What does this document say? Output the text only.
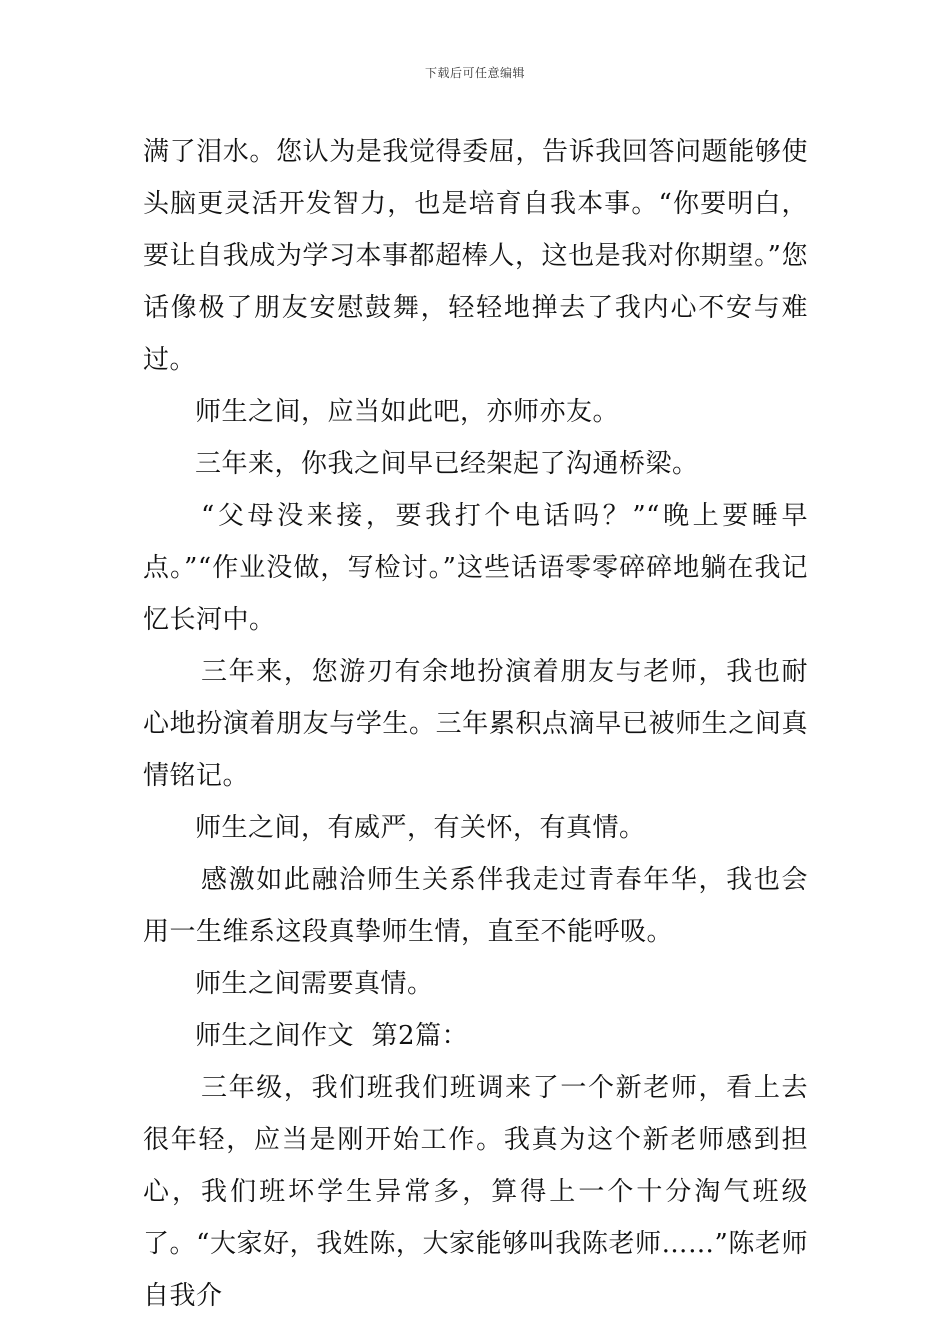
下载后可任意编辑

满了泪水。您认为是我觉得委屈，告诉我回答问题能够使头脑更灵活开发智力，也是培育自我本事。“你要明白，要让自我成为学习本事都超棒人，这也是我对你期望。”您话像极了朋友安慰鼓舞，轻轻地掸去了我内心不安与难过。

师生之间，应当如此吧，亦师亦友。

三年来，你我之间早已经架起了沟通桥梁。

“父母没来接，要我打个电话吗？”“晚上要睡早点。”“作业没做，写检讨。”这些话语零零碎碎地躺在我记忆长河中。

三年来，您游刃有余地扮演着朋友与老师，我也耐心地扮演着朋友与学生。三年累积点滴早已被师生之间真情铭记。

师生之间，有威严，有关怀，有真情。

感激如此融洽师生关系伴我走过青春年华，我也会用一生维系这段真挚师生情，直至不能呼吸。

师生之间需要真情。

师生之间作文  第2篇：

三年级，我们班我们班调来了一个新老师，看上去很年轻，应当是刚开始工作。我真为这个新老师感到担心，我们班坏学生异常多，算得上一个十分淘气班级了。“大家好，我姓陈，大家能够叫我陈老师……”陈老师自我介
